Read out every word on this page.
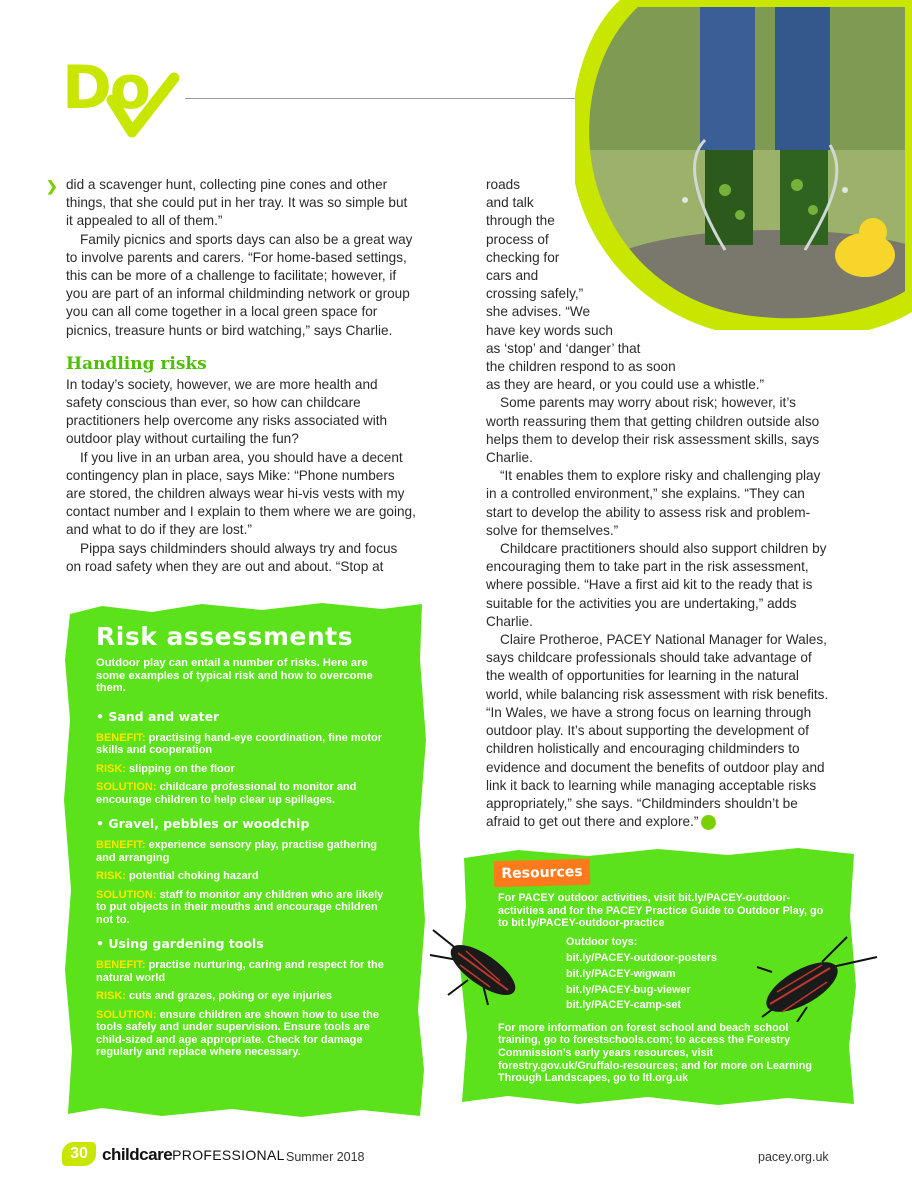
Do
❯ did a scavenger hunt, collecting pine cones and other things, that she could put in her tray. It was so simple but it appealed to all of them.”

Family picnics and sports days can also be a great way to involve parents and carers. “For home-based settings, this can be more of a challenge to facilitate; however, if you are part of an informal childminding network or group you can all come together in a local green space for picnics, treasure hunts or bird watching,” says Charlie.

Handling risks

In today’s society, however, we are more health and safety conscious than ever, so how can childcare practitioners help overcome any risks associated with outdoor play without curtailing the fun?

If you live in an urban area, you should have a decent contingency plan in place, says Mike: “Phone numbers are stored, the children always wear hi-vis vests with my contact number and I explain to them where we are going, and what to do if they are lost.”

Pippa says childminders should always try and focus on road safety when they are out and about. “Stop at

roads

and talk

through the

process of

checking for

cars and

crossing safely,”

she advises. “We

have key words such

as ‘stop’ and ‘danger’ that

the children respond to as soon

as they are heard, or you could use a whistle.”

Some parents may worry about risk; however, it’s worth reassuring them that getting children outside also helps them to develop their risk assessment skills, says Charlie.

“It enables them to explore risky and challenging play in a controlled environment,” she explains. “They can start to develop the ability to assess risk and problem-solve for themselves.”

Childcare practitioners should also support children by encouraging them to take part in the risk assessment, where possible. “Have a first aid kit to the ready that is suitable for the activities you are undertaking,” adds Charlie.

Claire Protheroe, PACEY National Manager for Wales, says childcare professionals should take advantage of the wealth of opportunities for learning in the natural world, while balancing risk assessment with risk benefits. “In Wales, we have a strong focus on learning through outdoor play. It’s about supporting the development of children holistically and encouraging childminders to evidence and document the benefits of outdoor play and link it back to learning while managing acceptable risks appropriately,” she says. “Childminders shouldn’t be afraid to get out there and explore.” CP

Risk assessments

Outdoor play can entail a number of risks. Here are some examples of typical risk and how to overcome them.

• Sand and water

BENEFIT: practising hand-eye coordination, fine motor skills and cooperation

RISK: slipping on the floor

SOLUTION: childcare professional to monitor and encourage children to help clear up spillages.

• Gravel, pebbles or woodchip

BENEFIT: experience sensory play, practise gathering and arranging

RISK: potential choking hazard

SOLUTION: staff to monitor any children who are likely to put objects in their mouths and encourage children not to.

• Using gardening tools

BENEFIT: practise nurturing, caring and respect for the natural world

RISK: cuts and grazes, poking or eye injuries

SOLUTION: ensure children are shown how to use the tools safely and under supervision. Ensure tools are child-sized and age appropriate. Check for damage regularly and replace where necessary.

Resources

For PACEY outdoor activities, visit bit.ly/PACEY-outdoor-activities and for the PACEY Practice Guide to Outdoor Play, go to bit.ly/PACEY-outdoor-practice

Outdoor toys:
bit.ly/PACEY-outdoor-posters
bit.ly/PACEY-wigwam
bit.ly/PACEY-bug-viewer
bit.ly/PACEY-camp-set

For more information on forest school and beach school training, go to forestschools.com; to access the Forestry Commission’s early years resources, visit forestry.gov.uk/Gruffalo-resources; and for more on Learning Through Landscapes, go to ltl.org.uk

30 childcarePROFESSIONAL Summer 2018	pacey.org.uk
